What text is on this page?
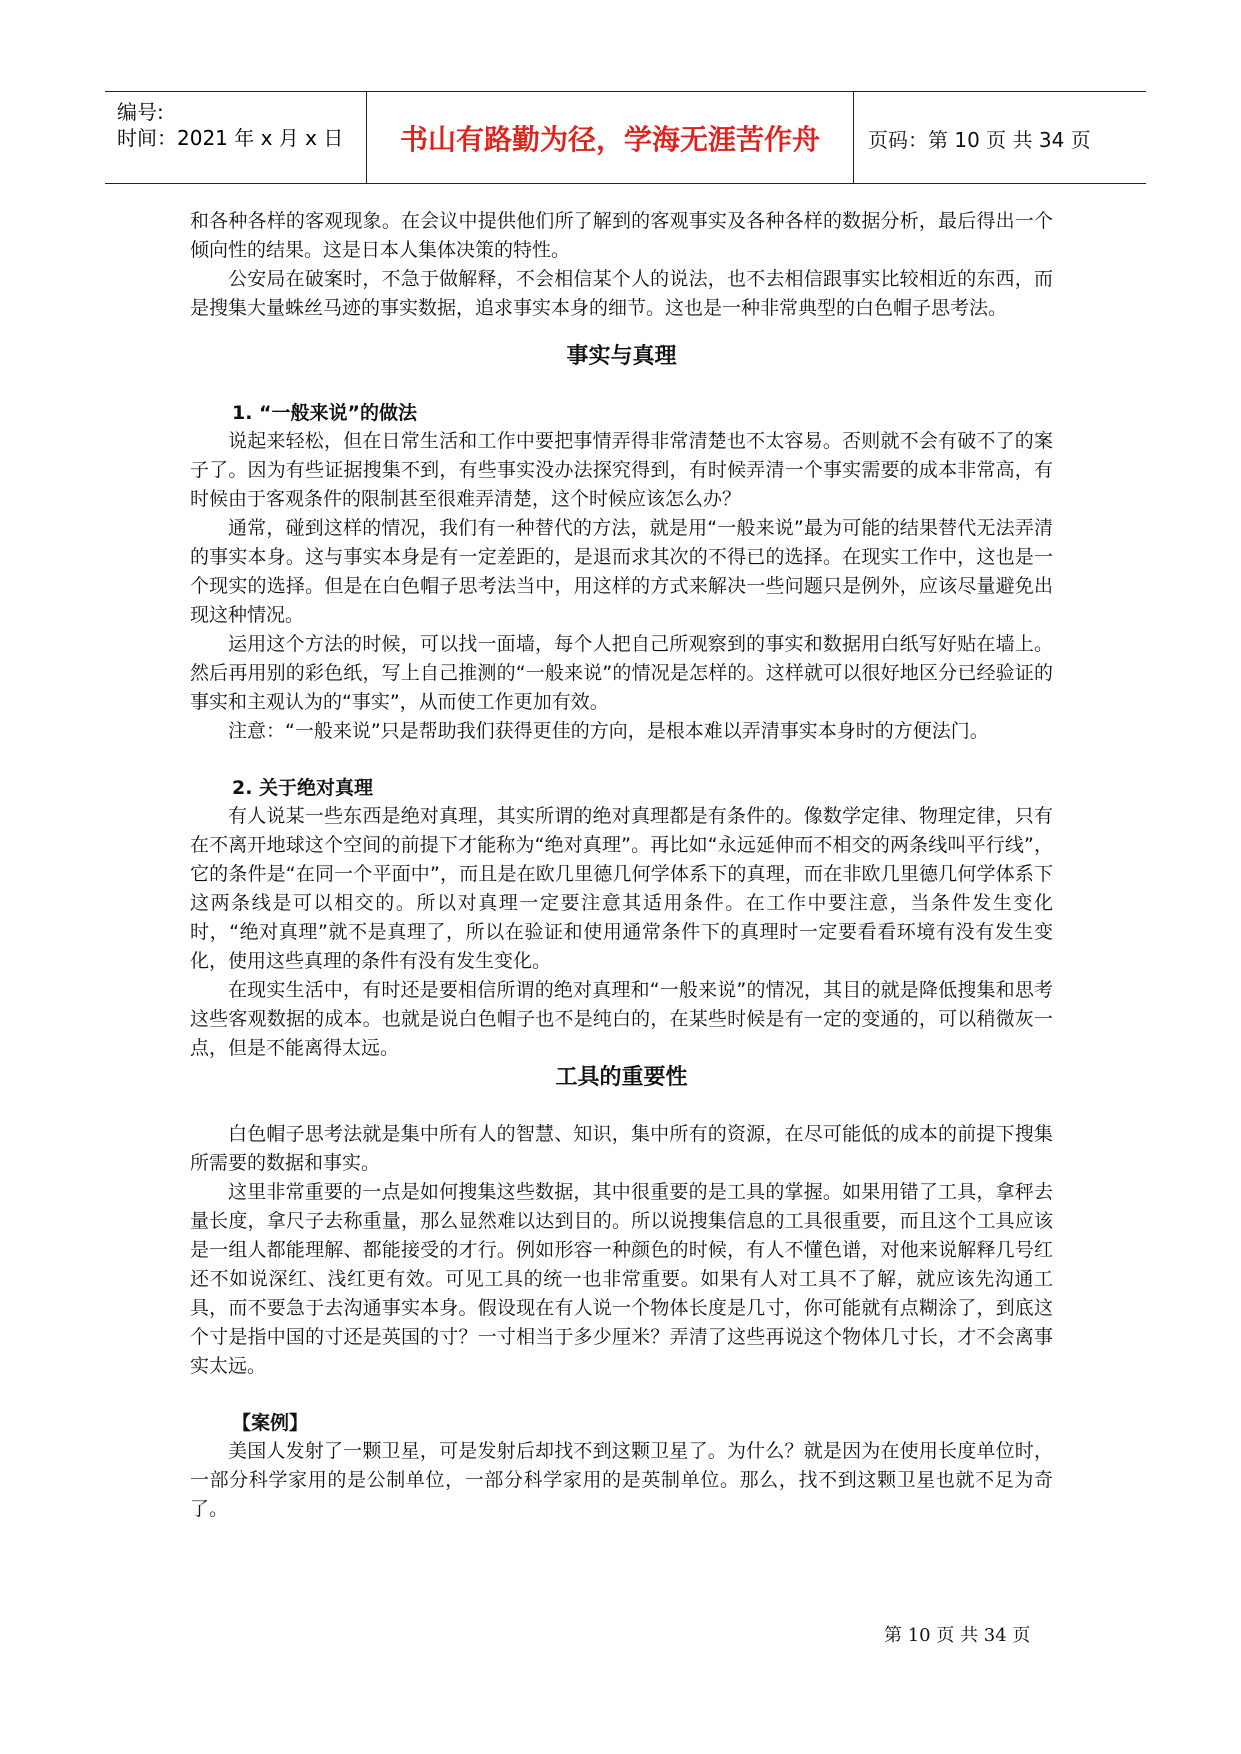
编号:
时间：2021 年 x 月 x 日	书山有路勤为径，学海无涯苦作舟	页码：第 10 页 共 34 页

和各种各样的客观现象。在会议中提供他们所了解到的客观事实及各种各样的数据分析，最后得出一个倾向性的结果。这是日本人集体决策的特性。

公安局在破案时，不急于做解释，不会相信某个人的说法，也不去相信跟事实比较相近的东西，而是搜集大量蛛丝马迹的事实数据，追求事实本身的细节。这也是一种非常典型的白色帽子思考法。

事实与真理
1. “一般来说”的做法

说起来轻松，但在日常生活和工作中要把事情弄得非常清楚也不太容易。否则就不会有破不了的案子了。因为有些证据搜集不到，有些事实没办法探究得到，有时候弄清一个事实需要的成本非常高，有时候由于客观条件的限制甚至很难弄清楚，这个时候应该怎么办？

通常，碰到这样的情况，我们有一种替代的方法，就是用“一般来说”最为可能的结果替代无法弄清的事实本身。这与事实本身是有一定差距的，是退而求其次的不得已的选择。在现实工作中，这也是一个现实的选择。但是在白色帽子思考法当中，用这样的方式来解决一些问题只是例外，应该尽量避免出现这种情况。

运用这个方法的时候，可以找一面墙，每个人把自己所观察到的事实和数据用白纸写好贴在墙上。然后再用别的彩色纸，写上自己推测的“一般来说”的情况是怎样的。这样就可以很好地区分已经验证的事实和主观认为的“事实”，从而使工作更加有效。

注意：“一般来说”只是帮助我们获得更佳的方向，是根本难以弄清事实本身时的方便法门。

2. 关于绝对真理

有人说某一些东西是绝对真理，其实所谓的绝对真理都是有条件的。像数学定律、物理定律，只有在不离开地球这个空间的前提下才能称为“绝对真理”。再比如“永远延伸而不相交的两条线叫平行线”，它的条件是“在同一个平面中”，而且是在欧几里德几何学体系下的真理，而在非欧几里德几何学体系下这两条线是可以相交的。所以对真理一定要注意其适用条件。在工作中要注意，当条件发生变化时，“绝对真理”就不是真理了，所以在验证和使用通常条件下的真理时一定要看看环境有没有发生变化，使用这些真理的条件有没有发生变化。

在现实生活中，有时还是要相信所谓的绝对真理和“一般来说”的情况，其目的就是降低搜集和思考这些客观数据的成本。也就是说白色帽子也不是纯白的，在某些时候是有一定的变通的，可以稍微灰一点，但是不能离得太远。

工具的重要性

白色帽子思考法就是集中所有人的智慧、知识，集中所有的资源，在尽可能低的成本的前提下搜集所需要的数据和事实。

这里非常重要的一点是如何搜集这些数据，其中很重要的是工具的掌握。如果用错了工具，拿秤去量长度，拿尺子去称重量，那么显然难以达到目的。所以说搜集信息的工具很重要，而且这个工具应该是一组人都能理解、都能接受的才行。例如形容一种颜色的时候，有人不懂色谱，对他来说解释几号红还不如说深红、浅红更有效。可见工具的统一也非常重要。如果有人对工具不了解，就应该先沟通工具，而不要急于去沟通事实本身。假设现在有人说一个物体长度是几寸，你可能就有点糊涂了，到底这个寸是指中国的寸还是英国的寸？一寸相当于多少厘米？弄清了这些再说这个物体几寸长，才不会离事实太远。

【案例】

美国人发射了一颗卫星，可是发射后却找不到这颗卫星了。为什么？就是因为在使用长度单位时，一部分科学家用的是公制单位，一部分科学家用的是英制单位。那么，找不到这颗卫星也就不足为奇了。

第 10 页 共 34 页
